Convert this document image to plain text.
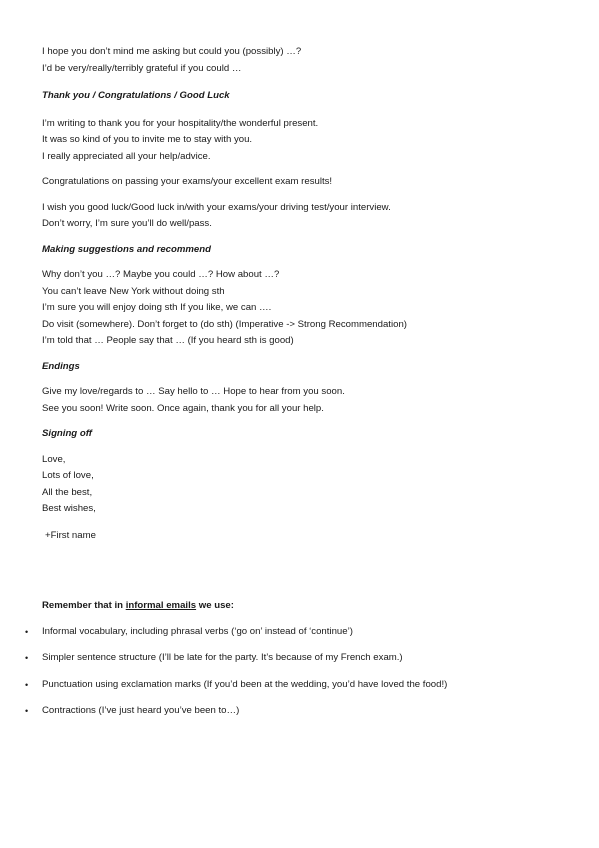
I hope you don’t mind me asking but could you (possibly) …?

I’d be very/really/terribly grateful if you could …

Thank you / Congratulations / Good Luck

I’m writing to thank you for your hospitality/the wonderful present.

It was so kind of you to invite me to stay with you.

I really appreciated all your help/advice.

Congratulations on passing your exams/your excellent exam results!

I wish you good luck/Good luck in/with your exams/your driving test/your interview.

Don’t worry, I’m sure you’ll do well/pass.

Making suggestions and recommend

Why don’t you …? Maybe you could …? How about …?

You can’t leave New York without doing sth

I’m sure you will enjoy doing sth If you like, we can ….

Do visit (somewhere). Don’t forget to (do sth) (Imperative -> Strong Recommendation)

I’m told that … People say that … (If you heard sth is good)

Endings

Give my love/regards to … Say hello to … Hope to hear from you soon.

See you soon! Write soon. Once again, thank you for all your help.

Signing off

Love,

Lots of love,

All the best,

Best wishes,

+First name

Remember that in informal emails we use:

• Informal vocabulary, including phrasal verbs (‘go on’ instead of ‘continue’)
• Simpler sentence structure (I’ll be late for the party. It’s because of my French exam.)
• Punctuation using exclamation marks (If you’d been at the wedding, you’d have loved the food!)
• Contractions (I’ve just heard you’ve been to…)
